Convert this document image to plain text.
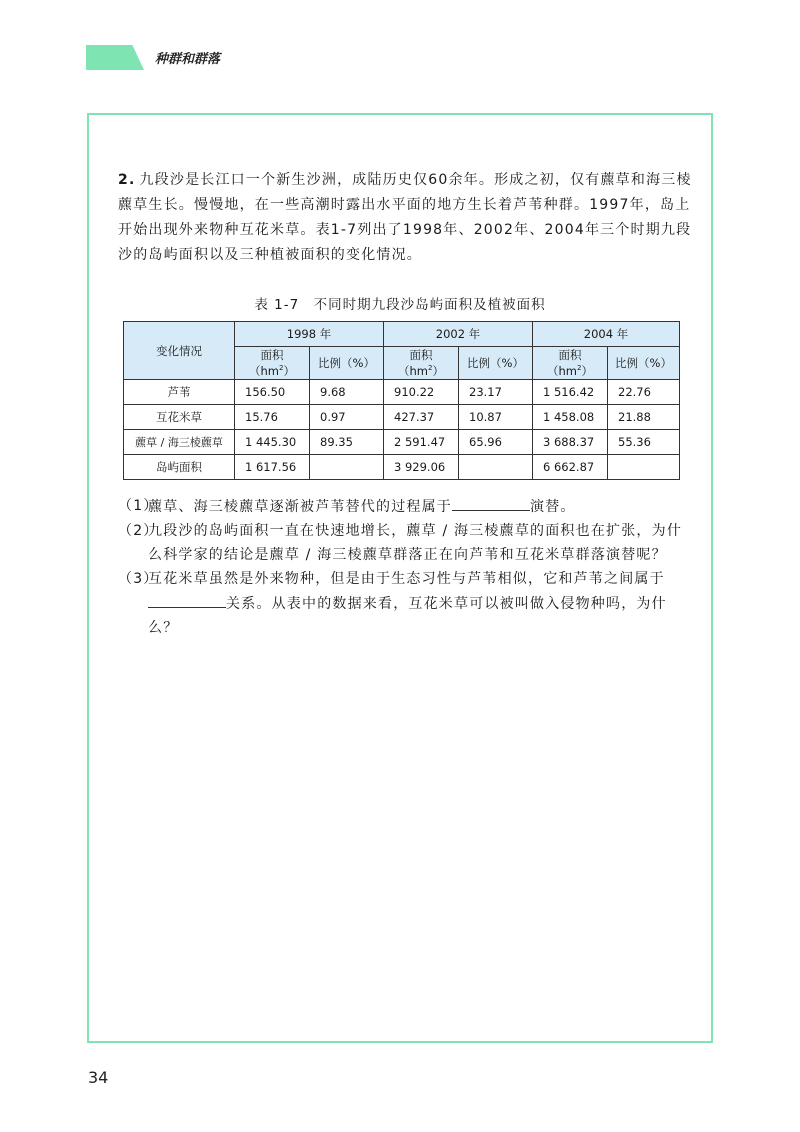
种群和群落
2. 九段沙是长江口一个新生沙洲，成陆历史仅60余年。形成之初，仅有藨草和海三棱藨草生长。慢慢地，在一些高潮时露出水平面的地方生长着芦苇种群。1997年，岛上开始出现外来物种互花米草。表1-7列出了1998年、2002年、2004年三个时期九段沙的岛屿面积以及三种植被面积的变化情况。
表 1-7　不同时期九段沙岛屿面积及植被面积
变化情况	1998 年		2002 年		2004 年	
	面积$(hm^2)$	比例（%）	面积$(hm^2)$	比例（%）	面积$(hm^2)$	比例（%）
芦苇	156.50	9.68	910.22	23.17	1 516.42	22.76
互花米草	15.76	0.97	427.37	10.87	1 458.08	21.88
藨草 / 海三棱藨草	1 445.30	89.35	2 591.47	65.96	3 688.37	55.36
岛屿面积	1 617.56		3 929.06		6 662.87	
（1）
藨草、海三棱藨草逐渐被芦苇替代的过程属于	演替。
（2）
九段沙的岛屿面积一直在快速地增长，藨草 / 海三棱藨草的面积也在扩张，为什么科学家的结论是藨草 / 海三棱藨草群落正在向芦苇和互花米草群落演替呢？
（3）
互花米草虽然是外来物种，但是由于生态习性与芦苇相似，它和芦苇之间属于关系。从表中的数据来看，互花米草可以被叫做入侵物种吗，为什么？
34
